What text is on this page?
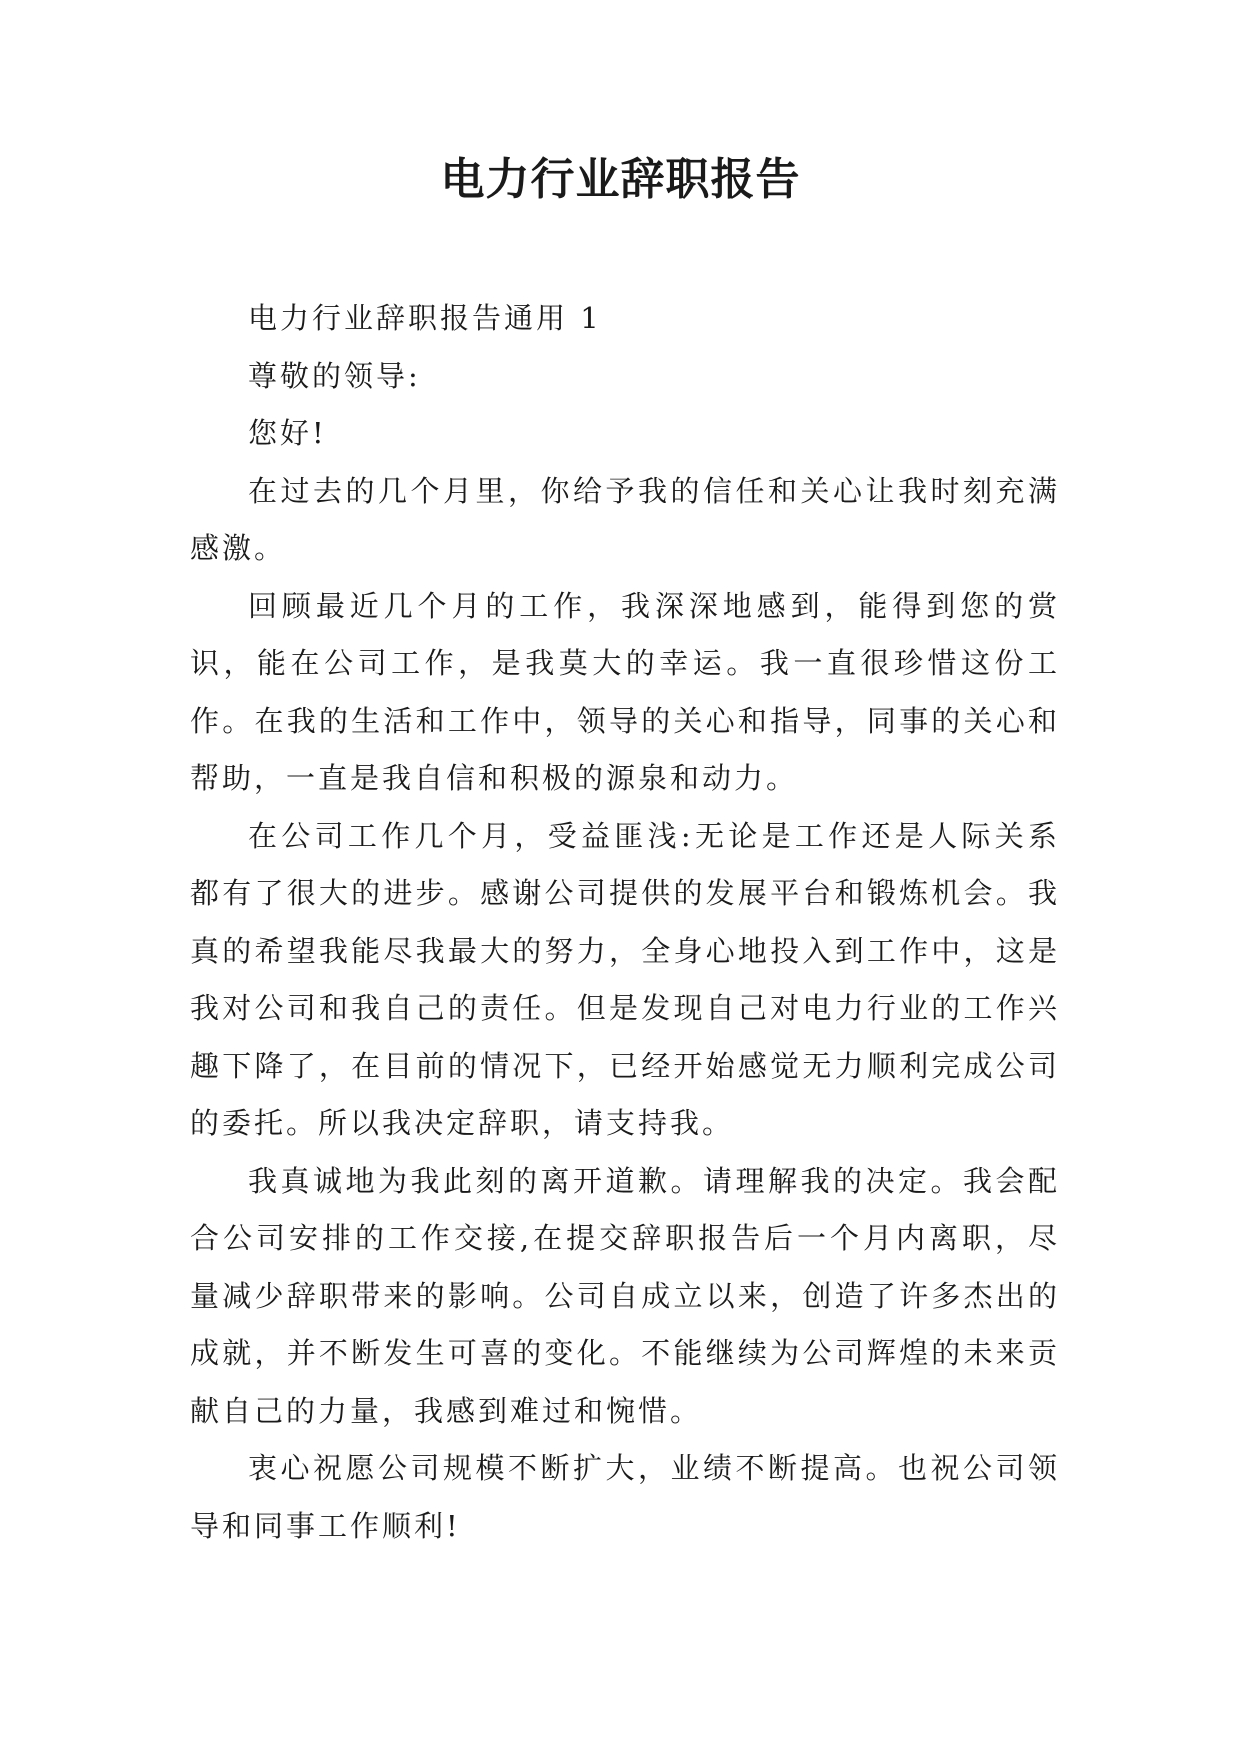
电力行业辞职报告

电力行业辞职报告通用 1

尊敬的领导:

您好!

在过去的几个月里，你给予我的信任和关心让我时刻充满感激。

回顾最近几个月的工作，我深深地感到，能得到您的赏识，能在公司工作，是我莫大的幸运。我一直很珍惜这份工作。在我的生活和工作中，领导的关心和指导，同事的关心和帮助，一直是我自信和积极的源泉和动力。

在公司工作几个月，受益匪浅:无论是工作还是人际关系都有了很大的进步。感谢公司提供的发展平台和锻炼机会。我真的希望我能尽我最大的努力，全身心地投入到工作中，这是我对公司和我自己的责任。但是发现自己对电力行业的工作兴趣下降了，在目前的情况下，已经开始感觉无力顺利完成公司的委托。所以我决定辞职，请支持我。

我真诚地为我此刻的离开道歉。请理解我的决定。我会配合公司安排的工作交接,在提交辞职报告后一个月内离职，尽量减少辞职带来的影响。公司自成立以来，创造了许多杰出的成就，并不断发生可喜的变化。不能继续为公司辉煌的未来贡献自己的力量，我感到难过和惋惜。

衷心祝愿公司规模不断扩大，业绩不断提高。也祝公司领导和同事工作顺利!
